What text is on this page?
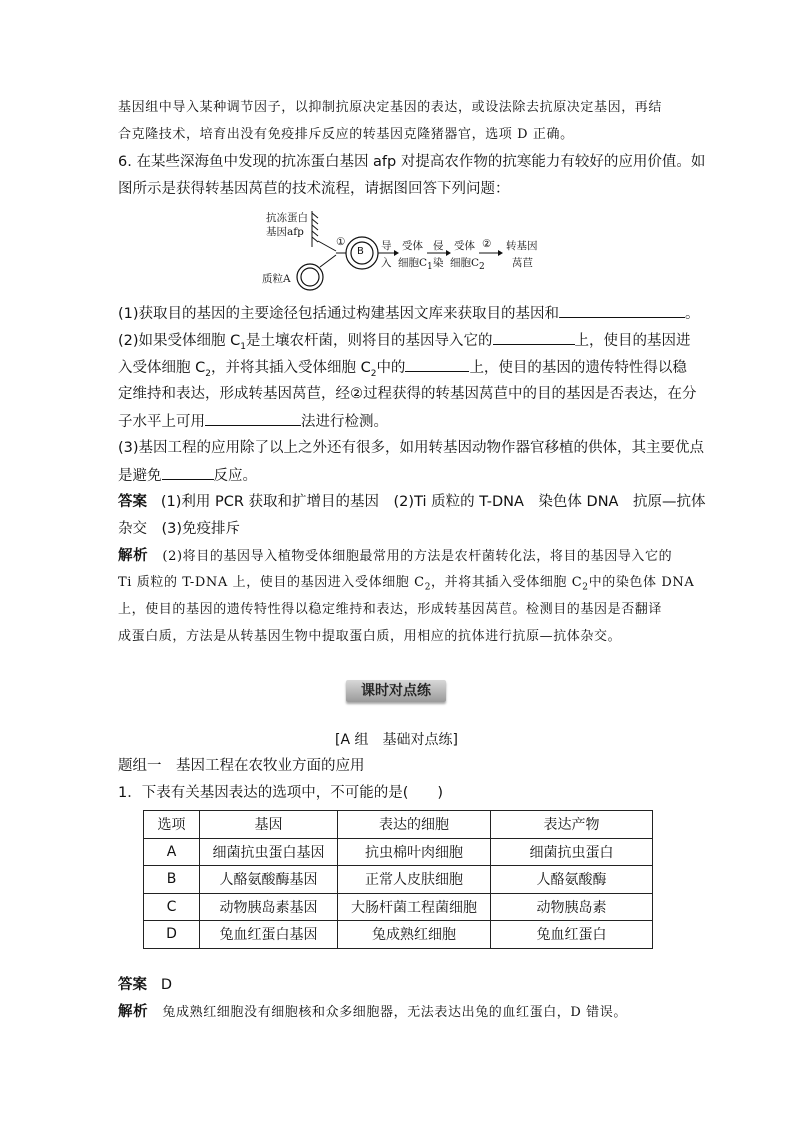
基因组中导入某种调节因子，以抑制抗原决定基因的表达，或设法除去抗原决定基因，再结
合克隆技术，培育出没有免疫排斥反应的转基因克隆猪器官，选项 D 正确。
6. 在某些深海鱼中发现的抗冻蛋白基因 afp 对提高农作物的抗寒能力有较好的应用价值。如
图所示是获得转基因莴苣的技术流程，请据图回答下列问题：
抗冻蛋白
基因afp
质粒A
①
B 导
入
受体
细胞$C_1$
侵
染
受体
细胞$C_2$
② 转基因
莴苣
(1)获取目的基因的主要途径包括通过构建基因文库来获取目的基因和	。
(2)如果受体细胞 $C_1$是土壤农杆菌，则将目的基因导入它的	上，使目的基因进
入受体细胞 $C_2$，并将其插入受体细胞 $C_2$中的	上，使目的基因的遗传特性得以稳
定维持和表达，形成转基因莴苣，经②过程获得的转基因莴苣中的目的基因是否表达，在分
子水平上可用	法进行检测。
(3)基因工程的应用除了以上之外还有很多，如用转基因动物作器官移植的供体，其主要优点
是避免	反应。
答案 (1)利用 PCR 获取和扩增目的基因　(2)Ti 质粒的 T-DNA　染色体 DNA　抗原—抗体
杂交　(3)免疫排斥
解析 (2)将目的基因导入植物受体细胞最常用的方法是农杆菌转化法，将目的基因导入它的
Ti 质粒的 T-DNA 上，使目的基因进入受体细胞 $C_2$，并将其插入受体细胞 $C_2$中的染色体 DNA
上，使目的基因的遗传特性得以稳定维持和表达，形成转基因莴苣。检测目的基因是否翻译
成蛋白质，方法是从转基因生物中提取蛋白质，用相应的抗体进行抗原—抗体杂交。
课时对点练
[A 组　基础对点练]
题组一　基因工程在农牧业方面的应用
1．下表有关基因表达的选项中，不可能的是(　　)
选项	基因	表达的细胞	表达产物
A	细菌抗虫蛋白基因	抗虫棉叶肉细胞	细菌抗虫蛋白
B	人酪氨酸酶基因	正常人皮肤细胞	人酪氨酸酶
C	动物胰岛素基因	大肠杆菌工程菌细胞	动物胰岛素
D	兔血红蛋白基因	兔成熟红细胞	兔血红蛋白
答案 D
解析 兔成熟红细胞没有细胞核和众多细胞器，无法表达出兔的血红蛋白，D 错误。
